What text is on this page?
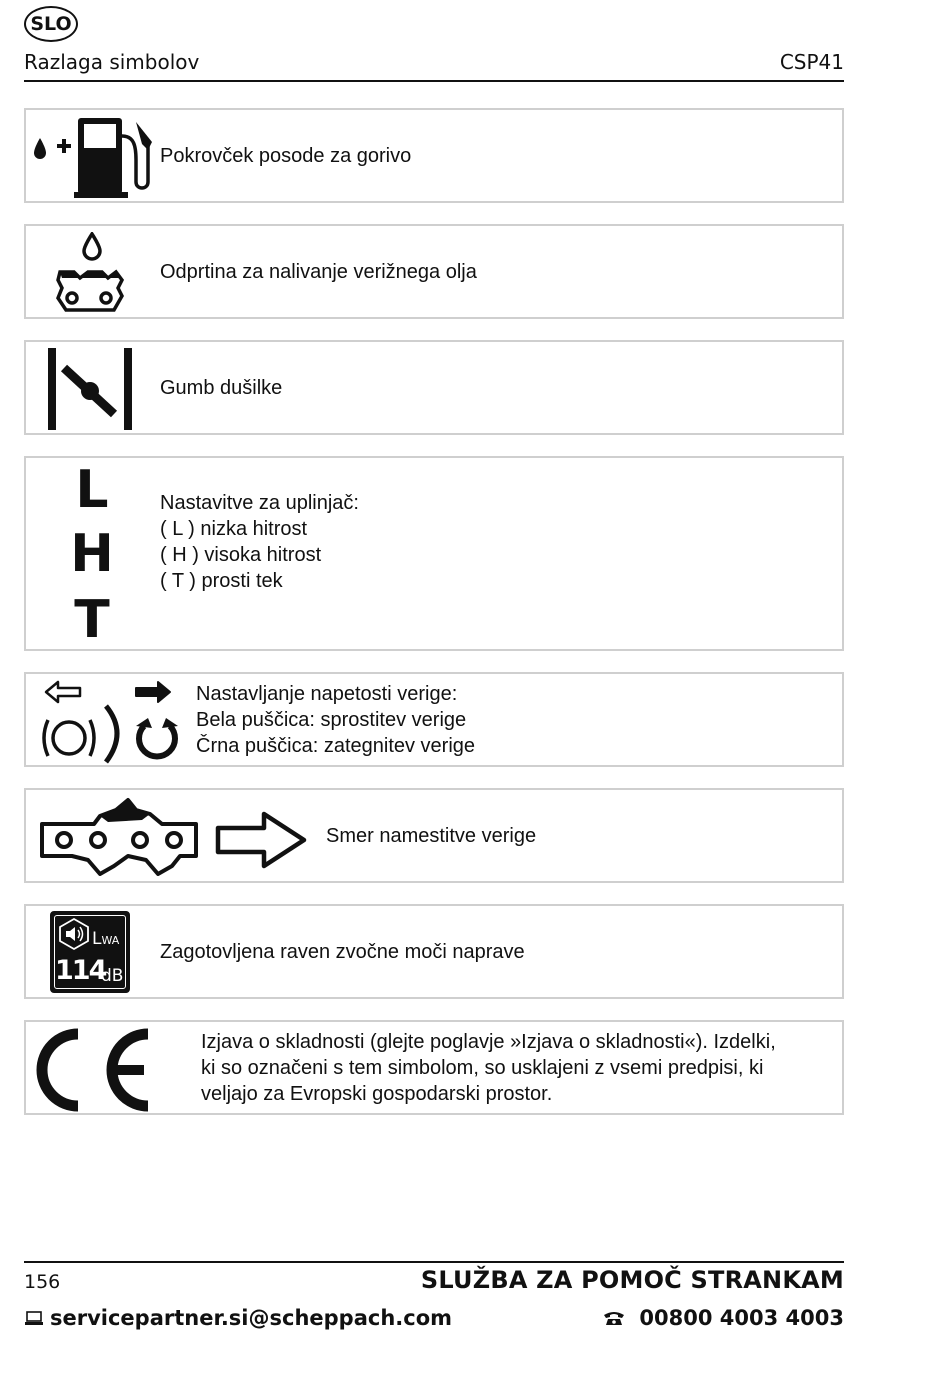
SLO
Razlaga simbolov	CSP41
Pokrovček posode za gorivo
Odprtina za nalivanje verižnega olja
Gumb dušilke
L
H
T
Nastavitve za uplinjač:
( L ) nizka hitrost
( H ) visoka hitrost
( T ) prosti tek
Nastavljanje napetosti verige:
Bela puščica: sprostitev verige
Črna puščica: zategnitev verige
Smer namestitve verige
LWA
114
dB
Zagotovljena raven zvočne moči naprave
Izjava o skladnosti (glejte poglavje »Izjava o skladnosti«). Izdelki,
ki so označeni s tem simbolom, so usklajeni z vsemi predpisi, ki
veljajo za Evropski gospodarski prostor.
156	SLUŽBA ZA POMOČ STRANKAM
servicepartner.si@scheppach.com	00800 4003 4003
